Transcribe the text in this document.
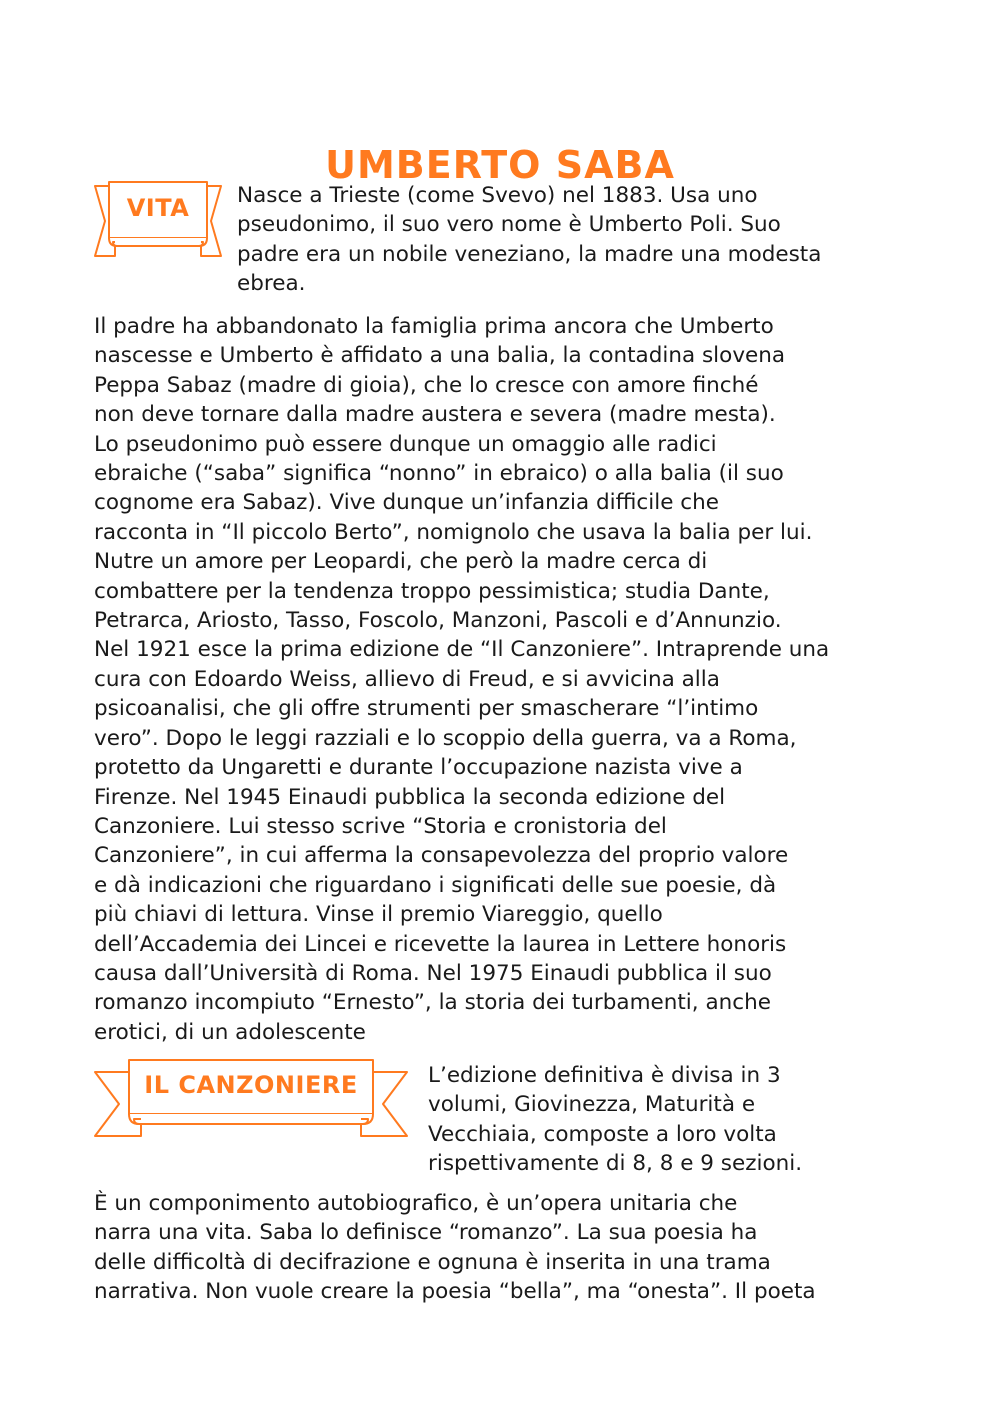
UMBERTO SABA
VITA	Nasce a Trieste (come Svevo) nel 1883. Usa uno
pseudonimo, il suo vero nome è Umberto Poli. Suo
padre era un nobile veneziano, la madre una modesta
ebrea.

Il padre ha abbandonato la famiglia prima ancora che Umberto
nascesse e Umberto è affidato a una balia, la contadina slovena
Peppa Sabaz (madre di gioia), che lo cresce con amore finché
non deve tornare dalla madre austera e severa (madre mesta).
Lo pseudonimo può essere dunque un omaggio alle radici
ebraiche (“saba” significa “nonno” in ebraico) o alla balia (il suo
cognome era Sabaz). Vive dunque un’infanzia difficile che
racconta in “Il piccolo Berto”, nomignolo che usava la balia per lui.
Nutre un amore per Leopardi, che però la madre cerca di
combattere per la tendenza troppo pessimistica; studia Dante,
Petrarca, Ariosto, Tasso, Foscolo, Manzoni, Pascoli e d’Annunzio.
Nel 1921 esce la prima edizione de “Il Canzoniere”. Intraprende una
cura con Edoardo Weiss, allievo di Freud, e si avvicina alla
psicoanalisi, che gli offre strumenti per smascherare “l’intimo
vero”. Dopo le leggi razziali e lo scoppio della guerra, va a Roma,
protetto da Ungaretti e durante l’occupazione nazista vive a
Firenze. Nel 1945 Einaudi pubblica la seconda edizione del
Canzoniere. Lui stesso scrive “Storia e cronistoria del
Canzoniere”, in cui afferma la consapevolezza del proprio valore
e dà indicazioni che riguardano i significati delle sue poesie, dà
più chiavi di lettura. Vinse il premio Viareggio, quello
dell’Accademia dei Lincei e ricevette la laurea in Lettere honoris
causa dall’Università di Roma. Nel 1975 Einaudi pubblica il suo
romanzo incompiuto “Ernesto”, la storia dei turbamenti, anche
erotici, di un adolescente

IL CANZONIERE	L’edizione definitiva è divisa in 3
volumi, Giovinezza, Maturità e
Vecchiaia, composte a loro volta
rispettivamente di 8, 8 e 9 sezioni.

È un componimento autobiografico, è un’opera unitaria che
narra una vita. Saba lo definisce “romanzo”. La sua poesia ha
delle difficoltà di decifrazione e ognuna è inserita in una trama
narrativa. Non vuole creare la poesia “bella”, ma “onesta”. Il poeta
